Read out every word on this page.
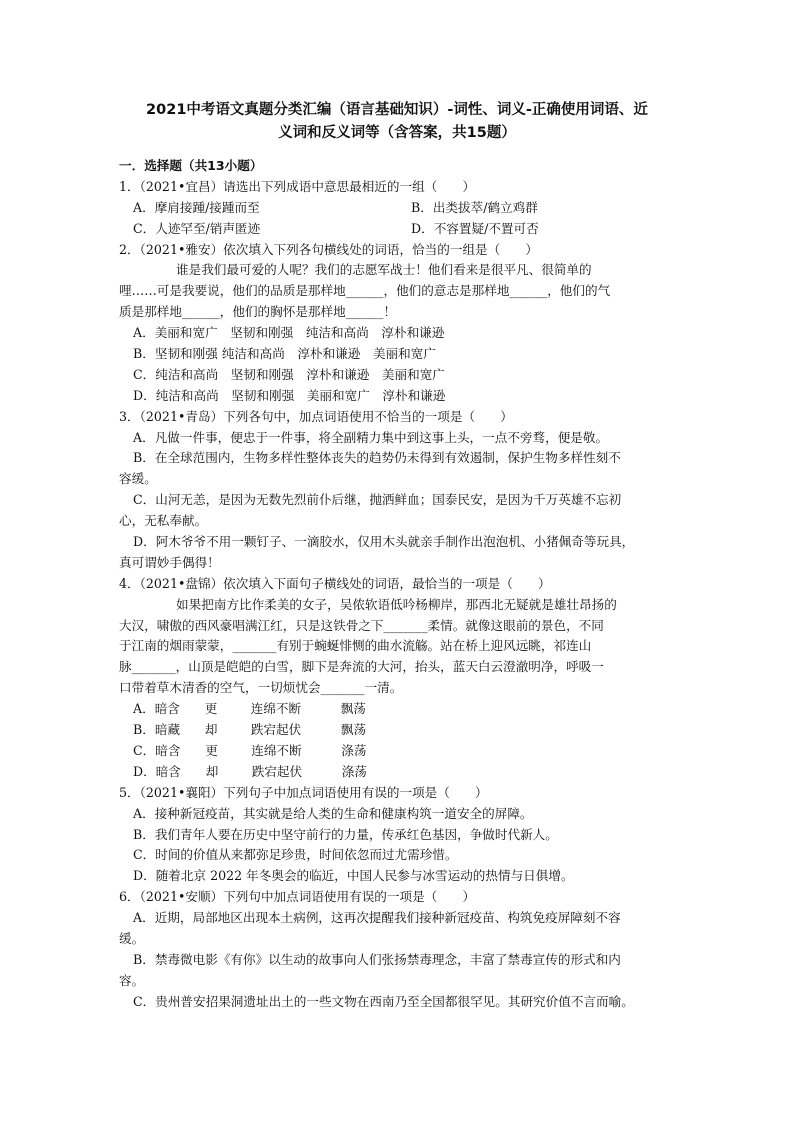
2021中考语文真题分类汇编（语言基础知识）-词性、词义-正确使用词语、近
义词和反义词等（含答案，共15题）
一．选择题（共13小题）
1．（2021•宜昌）请选出下列成语中意思最相近的一组（　　）
A．摩肩接踵/接踵而至	B．出类拔萃/鹤立鸡群
C．人迹罕至/销声匿迹	D．不容置疑/不置可否
2．（2021•雅安）依次填入下列各句横线处的词语，恰当的一组是（　　）
谁是我们最可爱的人呢？我们的志愿军战士！他们看来是很平凡、很简单的
哩……可是我要说，他们的品质是那样地______，他们的意志是那样地______，他们的气
质是那样地______，他们的胸怀是那样地______！
A．美丽和宽广　坚韧和刚强　纯洁和高尚　淳朴和谦逊
B．坚韧和刚强 纯洁和高尚　淳朴和谦逊　美丽和宽广
C．纯洁和高尚　坚韧和刚强　淳朴和谦逊　美丽和宽广
D．纯洁和高尚　坚韧和刚强　美丽和宽广　淳朴和谦逊
3．（2021•青岛）下列各句中，加点词语使用不恰当的一项是（　　）
A．凡做一件事，便忠于一件事，将全副精力集中到这事上头，一点不旁骛，便是敬。
B．在全球范围内，生物多样性整体丧失的趋势仍未得到有效遏制，保护生物多样性刻不
容缓。
C．山河无恙，是因为无数先烈前仆后继，抛洒鲜血；国泰民安，是因为千万英雄不忘初
心，无私奉献。
D．阿木爷爷不用一颗钉子、一滴胶水，仅用木头就亲手制作出泡泡机、小猪佩奇等玩具，
真可谓妙手偶得！
4．（2021•盘锦）依次填入下面句子横线处的词语，最恰当的一项是（　　）
如果把南方比作柔美的女子，吴侬软语低吟杨柳岸，那西北无疑就是雄壮昂扬的
大汉，啸傲的西风豪唱满江红，只是这铁骨之下_______柔情。就像这眼前的景色，不同
于江南的烟雨蒙蒙，_______有别于蜿蜒悱恻的曲水流觞。站在桥上迎风远眺，祁连山
脉_______，山顶是皑皑的白雪，脚下是奔流的大河，抬头，蓝天白云澄澈明净，呼吸一
口带着草木清香的空气，一切烦忧会_______一清。
A．暗含 更	连绵不断	飘荡
B．暗藏 却	跌宕起伏	飘荡
C．暗含 更	连绵不断	涤荡
D．暗含 却	跌宕起伏	涤荡
5．（2021•襄阳）下列句子中加点词语使用有误的一项是（　　）
A．接种新冠疫苗，其实就是给人类的生命和健康构筑一道安全的屏障。
B．我们青年人要在历史中坚守前行的力量，传承红色基因，争做时代新人。
C．时间的价值从来都弥足珍贵，时间依忽而过尤需珍惜。
D．随着北京 2022 年冬奥会的临近，中国人民参与冰雪运动的热情与日俱增。
6．（2021•安顺）下列句中加点词语使用有误的一项是（　　）
A．近期，局部地区出现本土病例，这再次提醒我们接种新冠疫苗、构筑免疫屏障刻不容
缓。
B．禁毒微电影《有你》以生动的故事向人们张扬禁毒理念，丰富了禁毒宣传的形式和内
容。
C．贵州普安招果洞遗址出土的一些文物在西南乃至全国都很罕见。其研究价值不言而喻。
